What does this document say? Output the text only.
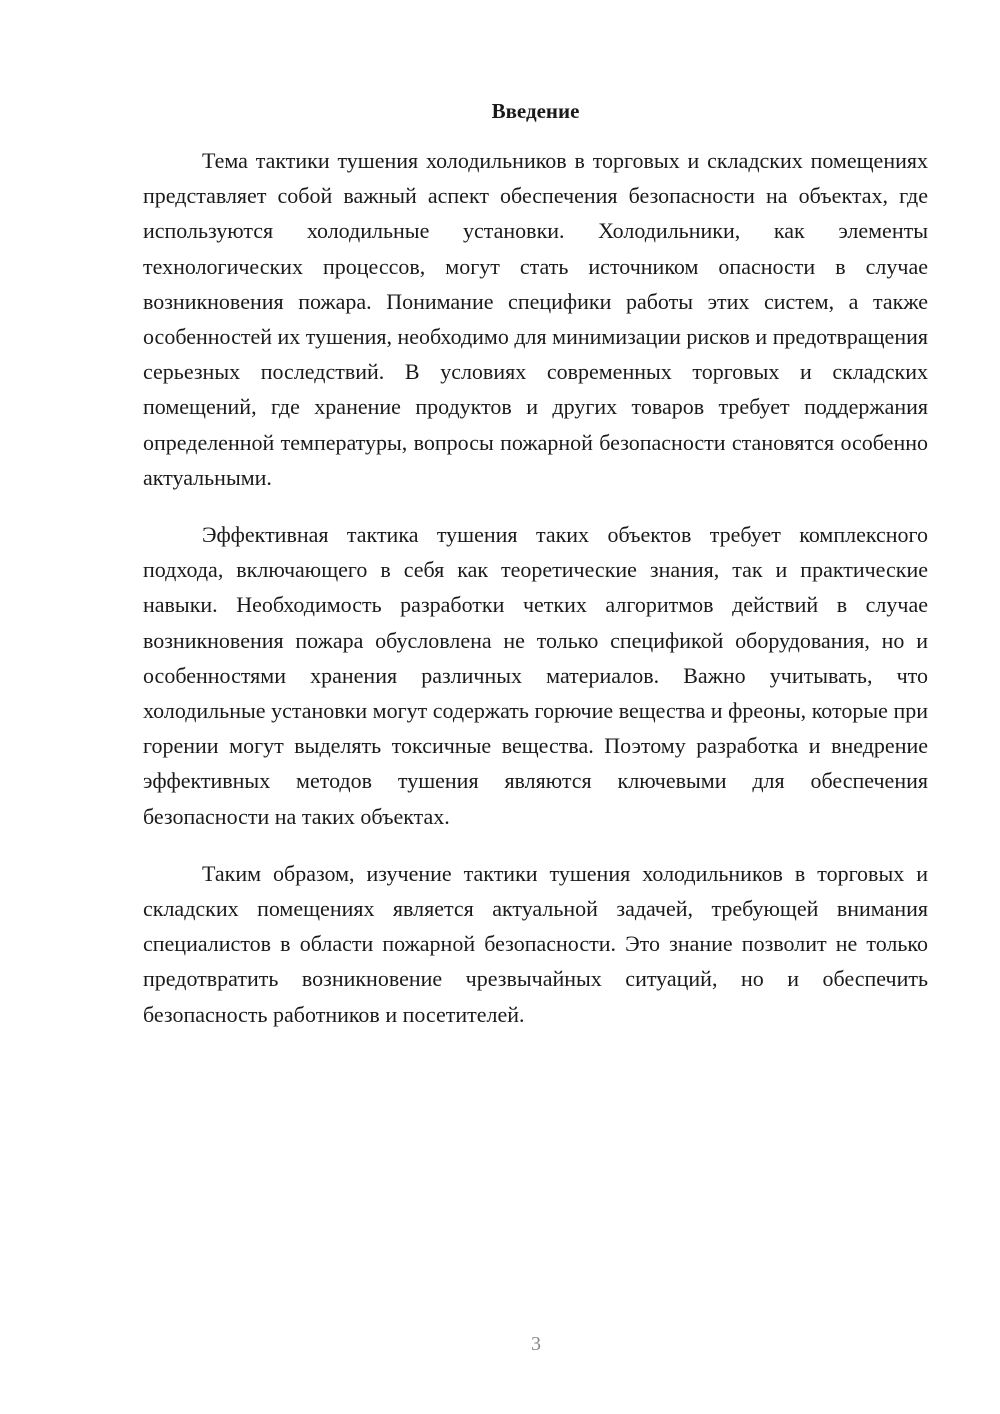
Введение

Тема тактики тушения холодильников в торговых и складских помещениях представляет собой важный аспект обеспечения безопасности на объектах, где используются холодильные установки. Холодильники, как элементы технологических процессов, могут стать источником опасности в случае возникновения пожара. Понимание специфики работы этих систем, а также особенностей их тушения, необходимо для минимизации рисков и предотвращения серьезных последствий. В условиях современных торговых и складских помещений, где хранение продуктов и других товаров требует поддержания определенной температуры, вопросы пожарной безопасности становятся особенно актуальными.

Эффективная тактика тушения таких объектов требует комплексного подхода, включающего в себя как теоретические знания, так и практические навыки. Необходимость разработки четких алгоритмов действий в случае возникновения пожара обусловлена не только спецификой оборудования, но и особенностями хранения различных материалов. Важно учитывать, что холодильные установки могут содержать горючие вещества и фреоны, которые при горении могут выделять токсичные вещества. Поэтому разработка и внедрение эффективных методов тушения являются ключевыми для обеспечения безопасности на таких объектах.

Таким образом, изучение тактики тушения холодильников в торговых и складских помещениях является актуальной задачей, требующей внимания специалистов в области пожарной безопасности. Это знание позволит не только предотвратить возникновение чрезвычайных ситуаций, но и обеспечить безопасность работников и посетителей.

3
